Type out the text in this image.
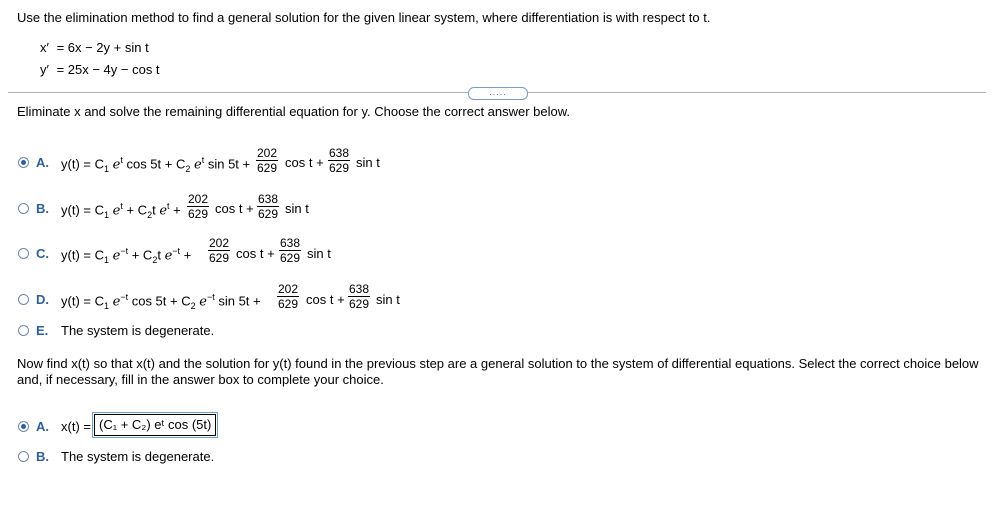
Use the elimination method to find a general solution for the given linear system, where differentiation is with respect to t.
x′ = 6x − 2y + sin t
y′ = 25x − 4y − cos t
.....
Eliminate x and solve the remaining differential equation for y. Choose the correct answer below.
A. $y(t) = C_1$ $e^t$ $\cos 5t + C_2$ $e^t$ $\sin 5t + \frac{202}{629}$ $\cos t + \frac{638}{629}$ sin t
B. $y(t) = C_1$ $e^t + C_2t$ $e^t + \frac{202}{629}$ $\cos t + \frac{638}{629}$ sin t
C. $y(t) = C_1$ $e^{-t} + C_2t$ $e^{-t} + \frac{202}{629}$ $\cos t + \frac{638}{629}$ sin t
D. $y(t) = C_1$ $e^{-t}$ $\cos 5t + C_2$ $e^{-t}$ $\sin 5t + \frac{202}{629}$ $\cos t + \frac{638}{629}$ sin t
E. The system is degenerate.
Now find x(t) so that x(t) and the solution for y(t) found in the previous step are a general solution to the system of differential equations. Select the correct choice below
and, if necessary, fill in the answer box to complete your choice.
A. x(t) = (C₁ + C₂) eᵗ cos (5t)
B. The system is degenerate.
